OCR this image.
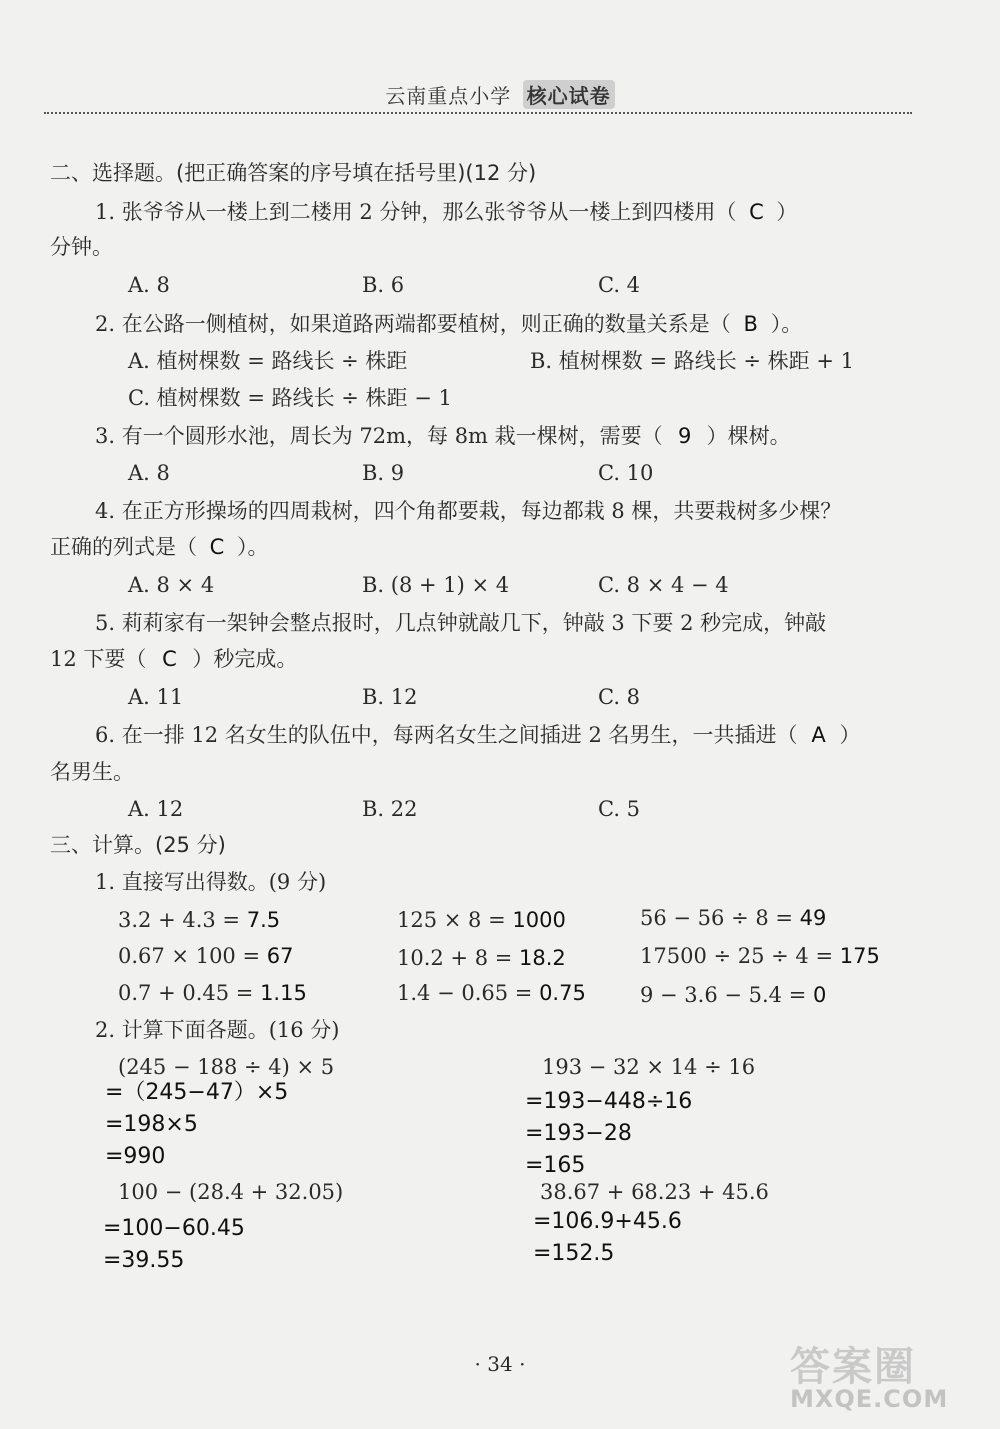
云南重点小学 核心试卷
二、选择题。(把正确答案的序号填在括号里)(12 分)
1. 张爷爷从一楼上到二楼用 2 分钟，那么张爷爷从一楼上到四楼用（ C ）
分钟。
A. 8	B. 6	C. 4
2. 在公路一侧植树，如果道路两端都要植树，则正确的数量关系是（ B ）。
A. 植树棵数 = 路线长 ÷ 株距	B. 植树棵数 = 路线长 ÷ 株距 + 1
C. 植树棵数 = 路线长 ÷ 株距 − 1
3. 有一个圆形水池，周长为 72m，每 8m 栽一棵树，需要（ 9 ）棵树。
A. 8	B. 9	C. 10
4. 在正方形操场的四周栽树，四个角都要栽，每边都栽 8 棵，共要栽树多少棵？
正确的列式是（ C ）。
A. 8 × 4	B. (8 + 1) × 4	C. 8 × 4 − 4
5. 莉莉家有一架钟会整点报时，几点钟就敲几下，钟敲 3 下要 2 秒完成，钟敲
12 下要（ C ）秒完成。
A. 11	B. 12	C. 8
6. 在一排 12 名女生的队伍中，每两名女生之间插进 2 名男生，一共插进（ A ）
名男生。
A. 12	B. 22	C. 5
三、计算。(25 分)
1. 直接写出得数。(9 分)
3.2 + 4.3 = 7.5	125 × 8 = 1000	56 − 56 ÷ 8 = 49
0.67 × 100 = 67	10.2 + 8 = 18.2	17500 ÷ 25 ÷ 4 = 175
0.7 + 0.45 = 1.15	1.4 − 0.65 = 0.75	9 − 3.6 − 5.4 = 0
2. 计算下面各题。(16 分)
(245 − 188 ÷ 4) × 5
=（245−47）×5
=198×5
=990
193 − 32 × 14 ÷ 16
=193−448÷16
=193−28
=165
100 − (28.4 + 32.05)
=100−60.45
=39.55
38.67 + 68.23 + 45.6
=106.9+45.6
=152.5
· 34 ·	答案圈
MXQE.COM
